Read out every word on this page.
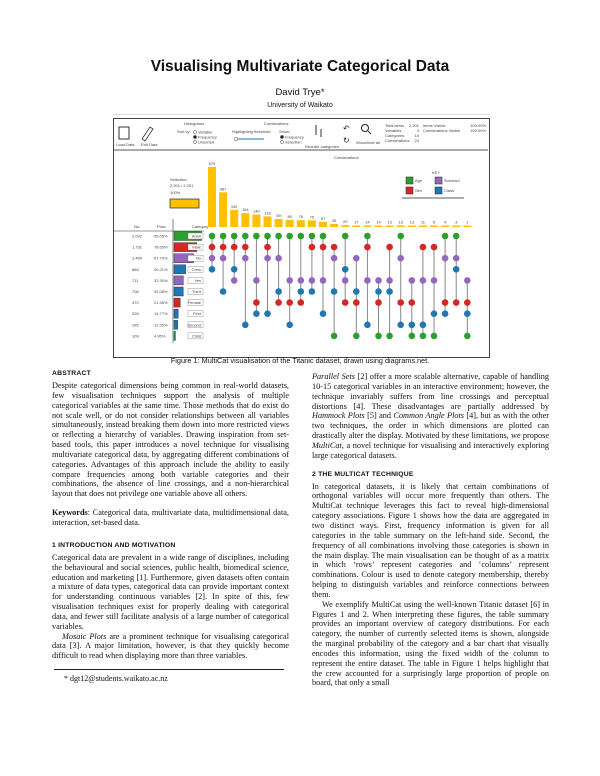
Visualising Multivariate Categorical Data
David Trye*
University of Waikato
Load Data Edit Data
Histograms
Sort by: Variable
Frequency
Unsorted
Combinations
Highlighting threshold Show:
Frequency
Selection
Reorder categories
↶
↻ Show/hide all
Total items 2,201
Variables	4
Categories	10
Combinations 24
Items Visible	100.00%
Combinations Visible 100.00%
Selection:
2,201 / 2,201
100%
Combinations
No.	Prob.	Category
2,092	95.05%	Adult
1,731	78.65%	Male
1,490	67.70%	No
885	40.21%	Crew
711	32.30%	Yes
706	32.08%	Third
470	21.35%	Female
325	14.77%	First
285	12.95%	Second
109	4.95%	Child
670
387
192
154 140 118
89 80 76 75 57 35 20 17 14 14 13 13 13 11 5 4 3 1
KEY
Age	Survived
Sex	Class
Figure 1: MultiCat visualisation of the Titanic dataset, drawn using diagrams.net.
ABSTRACT

Despite categorical dimensions being common in real-world datasets, few visualisation techniques support the analysis of multiple categorical variables at the same time. Those methods that do exist do not scale well, or do not consider relationships between all variables simultaneously, instead breaking them down into more restricted views or reflecting a hierarchy of variables. Drawing inspiration from set-based tools, this paper introduces a novel technique for visualising multivariate categorical data, by aggregating different combinations of categories. Advantages of this approach include the ability to easily compare frequencies among both variable categories and their combinations, the absence of line crossings, and a non-hierarchical layout that does not privilege one variable above all others.

Keywords: Categorical data, multivariate data, multidimensional data, interaction, set-based data.

1 INTRODUCTION AND MOTIVATION

Categorical data are prevalent in a wide range of disciplines, including the behavioural and social sciences, public health, biomedical science, education and marketing [1]. Furthermore, given datasets often contain a mixture of data types, categorical data can provide important context for understanding continuous variables [2]. In spite of this, few visualisation techniques exist for properly dealing with categorical data, and fewer still facilitate analysis of a large number of categorical variables.

Mosaic Plots are a prominent technique for visualising categorical data [3]. A major limitation, however, is that they quickly become difficult to read when displaying more than three variables.

* dgt12@students.waikato.ac.nz

Parallel Sets [2] offer a more scalable alternative, capable of handling 10-15 categorical variables in an interactive environment; however, the technique invariably suffers from line crossings and perceptual distortions [4]. These disadvantages are partially addressed by Hammock Plots [5] and Common Angle Plots [4], but as with the other two techniques, the order in which dimensions are plotted can drastically alter the display. Motivated by these limitations, we propose MultiCat, a novel technique for visualising and interactively exploring large categorical datasets.

2 THE MULTICAT TECHNIQUE

In categorical datasets, it is likely that certain combinations of orthogonal variables will occur more frequently than others. The MultiCat technique leverages this fact to reveal high-dimensional category associations. Figure 1 shows how the data are aggregated in two distinct ways. First, frequency information is given for all categories in the table summary on the left-hand side. Second, the frequency of all combinations involving those categories is shown in the main display. The main visualisation can be thought of as a matrix in which ‘rows’ represent categories and ‘columns’ represent combinations. Colour is used to denote category membership, thereby helping to distinguish variables and reinforce connections between them.

We exemplify MultiCat using the well-known Titanic dataset [6] in Figures 1 and 2. When interpreting these figures, the table summary provides an important overview of category distributions. For each category, the number of currently selected items is shown, alongside the marginal probability of the category and a bar chart that visually encodes this information, using the fixed width of the column to represent the entire dataset. The table in Figure 1 helps highlight that the crew accounted for a surprisingly large proportion of people on board, that only a small
